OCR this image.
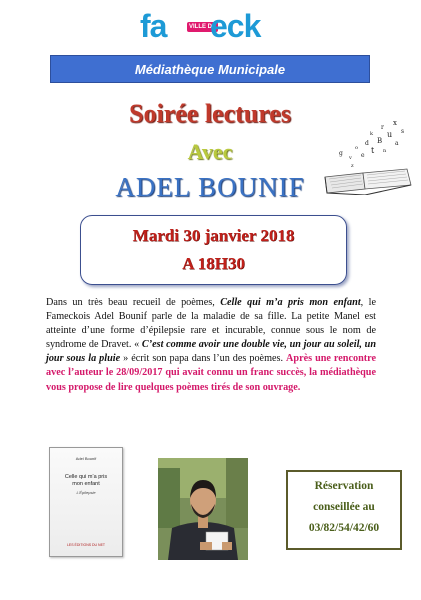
fa	VILLE DE
eck
Médiathèque Municipale
Soirée lectures
Avec
ADEL BOUNIF
x
r
s
k u
B
d	a
o t n
e
v
g
z
Mardi 30 janvier 2018
A 18H30
Dans un très beau recueil de poèmes, Celle qui m’a pris mon enfant, le Fameckois Adel Bounif parle de la maladie de sa fille. La petite Manel est atteinte d’une forme d’épilepsie rare et incurable, connue sous le nom de syndrome de Dravet. « C’est comme avoir une double vie, un jour au soleil, un jour sous la pluie » écrit son papa dans l’un des poèmes. Après une rencontre avec l’auteur le 28/09/2017 qui avait connu un franc succès, la médiathèque vous propose de lire quelques poèmes tirés de son ouvrage.
Adel Bounif
Celle qui m’a pris
mon enfant
L’Épilepsie
LES ÉDITIONS DU NET
Réservation
conseillée au
03/82/54/42/60
